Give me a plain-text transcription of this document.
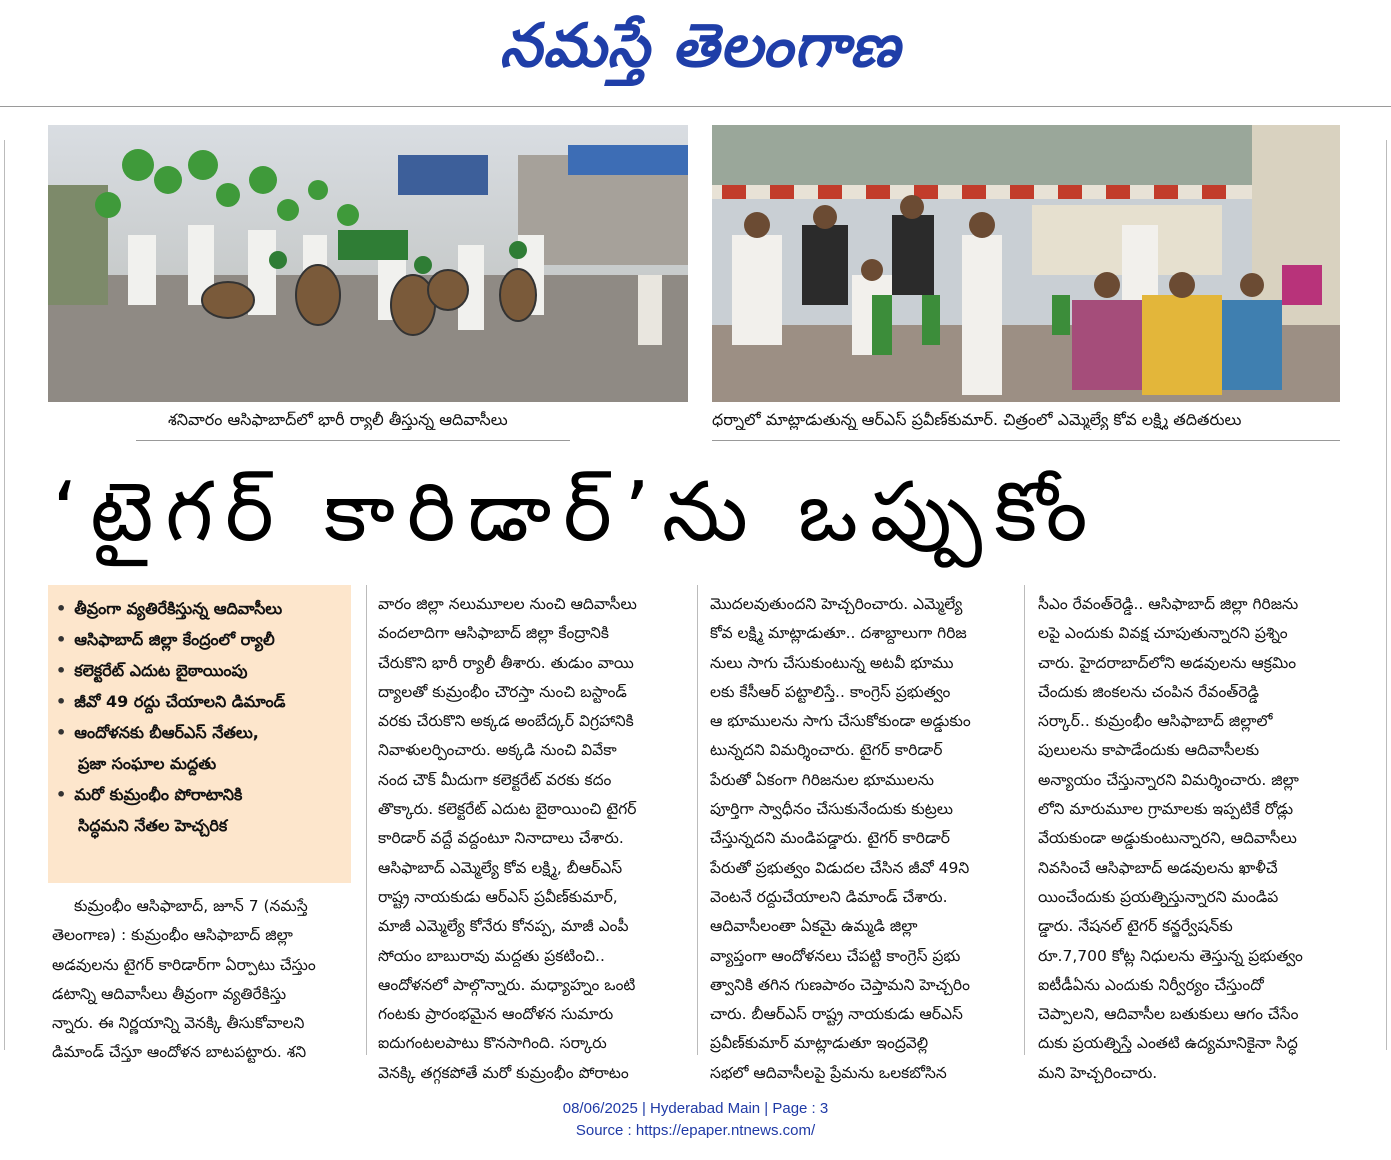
నమస్తే తెలంగాణ
శనివారం ఆసిఫాబాద్‌లో భారీ ర్యాలీ తీస్తున్న ఆదివాసీలు	ధర్నాలో మాట్లాడుతున్న ఆర్‌ఎస్ ప్రవీణ్‌కుమార్. చిత్రంలో ఎమ్మెల్యే కోవ లక్ష్మి తదితరులు
‘టైగర్ కారిడార్’ను ఒప్పుకోం
• తీవ్రంగా వ్యతిరేకిస్తున్న ఆదివాసీలు
• ఆసిఫాబాద్ జిల్లా కేంద్రంలో ర్యాలీ
• కలెక్టరేట్ ఎదుట బైఠాయింపు
• జీవో 49 రద్దు చేయాలని డిమాండ్
• ఆందోళనకు బీఆర్ఎస్ నేతలు,
ప్రజా సంఘాల మద్దతు
• మరో కుమ్రంభీం పోరాటానికి
సిద్ధమని నేతల హెచ్చరిక

కుమ్రంభీం ఆసిఫాబాద్, జూన్ 7 (నమస్తే

తెలంగాణ) : కుమ్రంభీం ఆసిఫాబాద్ జిల్లా

అడవులను టైగర్ కారిడార్‌గా ఏర్పాటు చేస్తుం

డటాన్ని ఆదివాసీలు తీవ్రంగా వ్యతిరేకిస్తు

న్నారు. ఈ నిర్ణయాన్ని వెనక్కి తీసుకోవాలని

డిమాండ్ చేస్తూ ఆందోళన బాటపట్టారు. శని

వారం జిల్లా నలుమూలల నుంచి ఆదివాసీలు

వందలాదిగా ఆసిఫాబాద్ జిల్లా కేంద్రానికి

చేరుకొని భారీ ర్యాలీ తీశారు. తుడుం వాయి

ద్యాలతో కుమ్రంభీం చౌరస్తా నుంచి బస్టాండ్

వరకు చేరుకొని అక్కడ అంబేద్కర్ విగ్రహానికి

నివాళులర్పించారు. అక్కడి నుంచి వివేకా

నంద చౌక్ మీదుగా కలెక్టరేట్ వరకు కదం

తొక్కారు. కలెక్టరేట్ ఎదుట బైఠాయించి టైగర్

కారిడార్ వద్దే వద్దంటూ నినాదాలు చేశారు.

ఆసిఫాబాద్ ఎమ్మెల్యే కోవ లక్ష్మి, బీఆర్ఎస్

రాష్ట్ర నాయకుడు ఆర్‌ఎస్ ప్రవీణ్‌కుమార్,

మాజీ ఎమ్మెల్యే కోనేరు కోనప్ప, మాజీ ఎంపీ

సోయం బాబురావు మద్దతు ప్రకటించి..

ఆందోళనలో పాల్గొన్నారు. మధ్యాహ్నం ఒంటి

గంటకు ప్రారంభమైన ఆందోళన సుమారు

ఐదుగంటలపాటు కొనసాగింది. సర్కారు

వెనక్కి తగ్గకపోతే మరో కుమ్రంభీం పోరాటం

మొదలవుతుందని హెచ్చరించారు. ఎమ్మెల్యే

కోవ లక్ష్మి మాట్లాడుతూ.. దశాబ్దాలుగా గిరిజ

నులు సాగు చేసుకుంటున్న అటవీ భూము

లకు కేసీఆర్ పట్టాలిస్తే.. కాంగ్రెస్ ప్రభుత్వం

ఆ భూములను సాగు చేసుకోకుండా అడ్డుకుం

టున్నదని విమర్శించారు. టైగర్ కారిడార్

పేరుతో ఏకంగా గిరిజనుల భూములను

పూర్తిగా స్వాధీనం చేసుకునేందుకు కుట్రలు

చేస్తున్నదని మండిపడ్డారు. టైగర్ కారిడార్

పేరుతో ప్రభుత్వం విడుదల చేసిన జీవో 49ని

వెంటనే రద్దుచేయాలని డిమాండ్ చేశారు.

ఆదివాసీలంతా ఏకమై ఉమ్మడి జిల్లా

వ్యాప్తంగా ఆందోళనలు చేపట్టి కాంగ్రెస్ ప్రభు

త్వానికి తగిన గుణపాఠం చెప్తామని హెచ్చరిం

చారు. బీఆర్ఎస్ రాష్ట్ర నాయకుడు ఆర్‌ఎస్

ప్రవీణ్‌కుమార్ మాట్లాడుతూ ఇంద్రవెల్లి

సభలో ఆదివాసీలపై ప్రేమను ఒలకబోసిన

సీఎం రేవంత్‌రెడ్డి.. ఆసిఫాబాద్ జిల్లా గిరిజను

లపై ఎందుకు వివక్ష చూపుతున్నారని ప్రశ్నిం

చారు. హైదరాబాద్‌లోని అడవులను ఆక్రమిం

చేందుకు జింకలను చంపిన రేవంత్‌రెడ్డి

సర్కార్.. కుమ్రంభీం ఆసిఫాబాద్ జిల్లాలో

పులులను కాపాడేందుకు ఆదివాసీలకు

అన్యాయం చేస్తున్నారని విమర్శించారు. జిల్లా

లోని మారుమూల గ్రామాలకు ఇప్పటికే రోడ్లు

వేయకుండా అడ్డుకుంటున్నారని, ఆదివాసీలు

నివసించే ఆసిఫాబాద్ అడవులను ఖాళీచే

యించేందుకు ప్రయత్నిస్తున్నారని మండిప

డ్డారు. నేషనల్ టైగర్ కన్జర్వేషన్‌కు

రూ.7,700 కోట్ల నిధులను తెస్తున్న ప్రభుత్వం

ఐటీడీఏను ఎందుకు నిర్వీర్యం చేస్తుందో

చెప్పాలని, ఆదివాసీల బతుకులు ఆగం చేసేం

దుకు ప్రయత్నిస్తే ఎంతటి ఉద్యమానికైనా సిద్ధ

మని హెచ్చరించారు.

08/06/2025 | Hyderabad Main | Page : 3
Source : https://epaper.ntnews.com/
